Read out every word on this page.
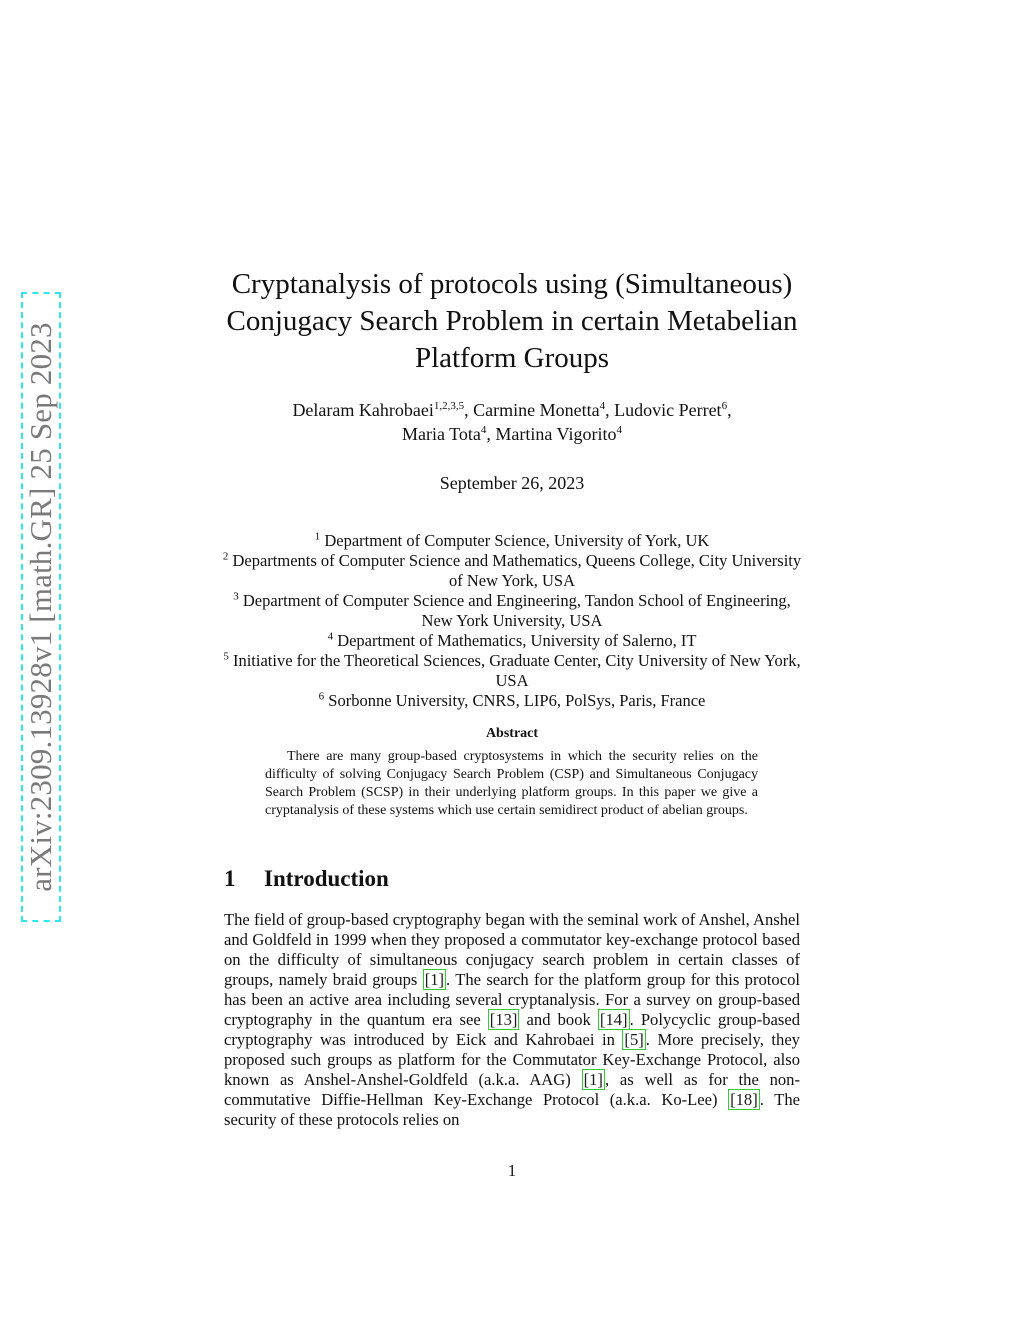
arXiv:2309.13928v1 [math.GR] 25 Sep 2023
Cryptanalysis of protocols using (Simultaneous)
Conjugacy Search Problem in certain Metabelian
Platform Groups
Delaram Kahrobaei$^{1,2,3,5}$, Carmine Monetta$^4$, Ludovic Perret$^6$,
Maria Tota$^4$, Martina Vigorito$^4$
September 26, 2023
$^1$ Department of Computer Science, University of York, UK
$^2$ Departments of Computer Science and Mathematics, Queens College, City University of New York, USA
$^3$ Department of Computer Science and Engineering, Tandon School of Engineering, New York University, USA
$^4$ Department of Mathematics, University of Salerno, IT
$^5$ Initiative for the Theoretical Sciences, Graduate Center, City University of New York, USA
$^6$ Sorbonne University, CNRS, LIP6, PolSys, Paris, France
Abstract

There are many group-based cryptosystems in which the security relies on the difficulty of solving Conjugacy Search Problem (CSP) and Simultaneous Conjugacy Search Problem (SCSP) in their underlying platform groups. In this paper we give a cryptanalysis of these systems which use certain semidirect product of abelian groups.

1 Introduction

The field of group-based cryptography began with the seminal work of Anshel, Anshel and Goldfeld in 1999 when they proposed a commutator key-exchange protocol based on the difficulty of simultaneous conjugacy search problem in certain classes of groups, namely braid groups [1] . The search for the platform group for this protocol has been an active area including several cryptanalysis. For a survey on group-based cryptography in the quantum era see [13] and book [14] . Polycyclic group-based cryptography was introduced by Eick and Kahrobaei in [5] . More precisely, they proposed such groups as platform for the Commutator Key-Exchange Protocol, also known as Anshel-Anshel-Goldfeld (a.k.a. AAG) [1] , as well as for the non-commutative Diffie-Hellman Key-Exchange Protocol (a.k.a. Ko-Lee) [18] . The security of these protocols relies on

1
